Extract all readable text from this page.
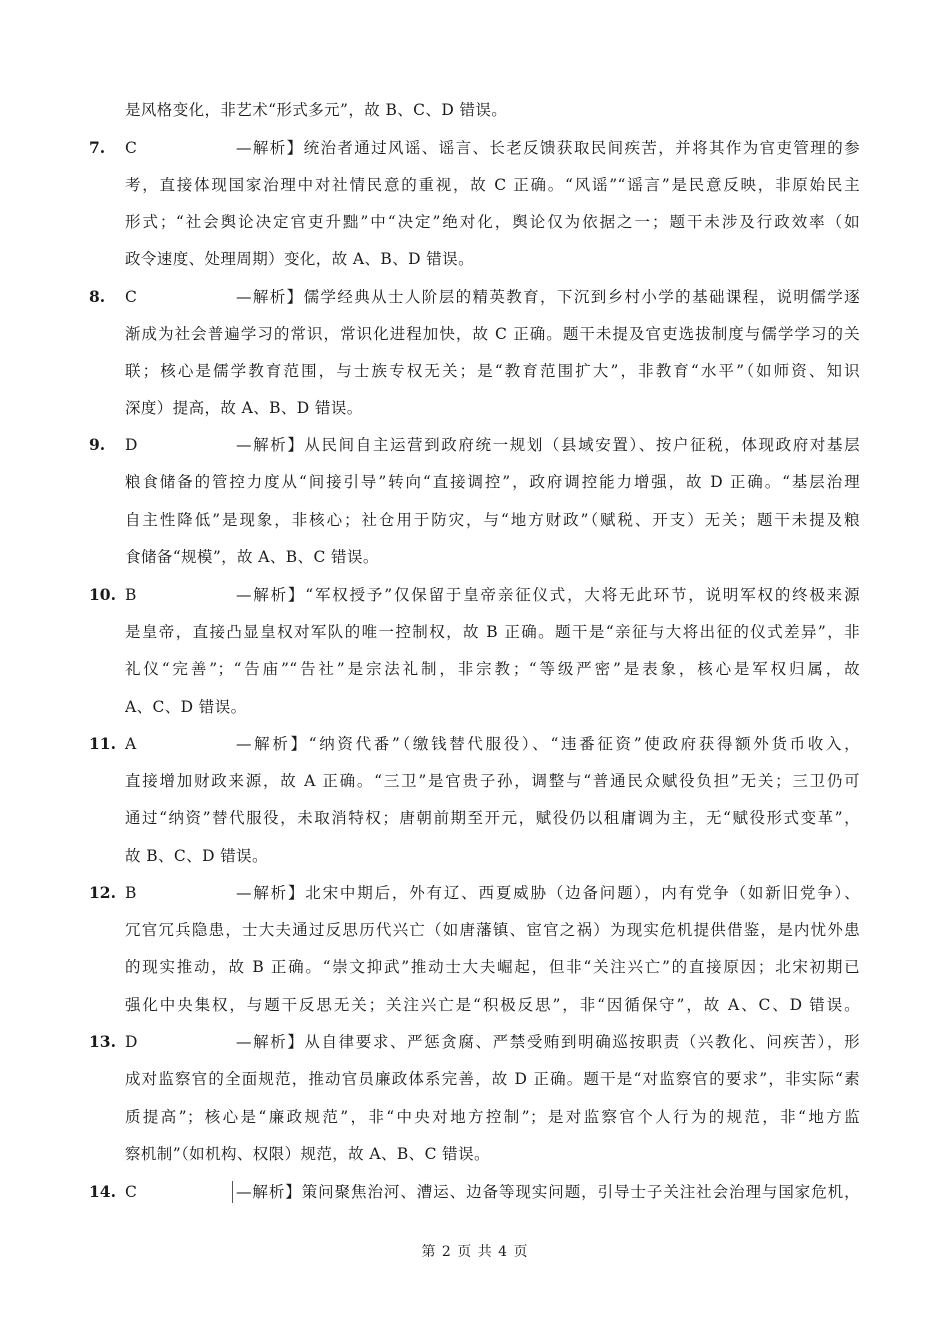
是风格变化，非艺术“形式多元”，故 B、C、D 错误。
7. C	—解析】统治者通过风谣、谣言、长老反馈获取民间疾苦，并将其作为官吏管理的参
考，直接体现国家治理中对社情民意的重视，故 C 正确。“风谣”“谣言”是民意反映，非原始民主
形式；“社会舆论决定官吏升黜”中“决定”绝对化，舆论仅为依据之一；题干未涉及行政效率（如
政令速度、处理周期）变化，故 A、B、D 错误。
8. C	—解析】儒学经典从士人阶层的精英教育，下沉到乡村小学的基础课程，说明儒学逐
渐成为社会普遍学习的常识，常识化进程加快，故 C 正确。题干未提及官吏选拔制度与儒学学习的关
联；核心是儒学教育范围，与士族专权无关；是“教育范围扩大”，非教育“水平”（如师资、知识
深度）提高，故 A、B、D 错误。
9. D	—解析】从民间自主运营到政府统一规划（县域安置）、按户征税，体现政府对基层
粮食储备的管控力度从“间接引导”转向“直接调控”，政府调控能力增强，故 D 正确。“基层治理
自主性降低”是现象，非核心；社仓用于防灾，与“地方财政”（赋税、开支）无关；题干未提及粮
食储备“规模”，故 A、B、C 错误。
10. B	—解析】“军权授予”仅保留于皇帝亲征仪式，大将无此环节，说明军权的终极来源
是皇帝，直接凸显皇权对军队的唯一控制权，故 B 正确。题干是“亲征与大将出征的仪式差异”，非
礼仪“完善”；“告庙”“告社”是宗法礼制，非宗教；“等级严密”是表象，核心是军权归属，故
A、C、D 错误。
11. A	—解析】“纳资代番”（缴钱替代服役）、“违番征资”使政府获得额外货币收入，
直接增加财政来源，故 A 正确。“三卫”是官贵子孙，调整与“普通民众赋役负担”无关；三卫仍可
通过“纳资”替代服役，未取消特权；唐朝前期至开元，赋役仍以租庸调为主，无“赋役形式变革”，
故 B、C、D 错误。
12. B	—解析】北宋中期后，外有辽、西夏威胁（边备问题），内有党争（如新旧党争）、
冗官冗兵隐患，士大夫通过反思历代兴亡（如唐藩镇、宦官之祸）为现实危机提供借鉴，是内忧外患
的现实推动，故 B 正确。“崇文抑武”推动士大夫崛起，但非“关注兴亡”的直接原因；北宋初期已
强化中央集权，与题干反思无关；关注兴亡是“积极反思”，非“因循保守”，故 A、C、D 错误。
13. D	—解析】从自律要求、严惩贪腐、严禁受贿到明确巡按职责（兴教化、问疾苦），形
成对监察官的全面规范，推动官员廉政体系完善，故 D 正确。题干是“对监察官的要求”，非实际“素
质提高”；核心是“廉政规范”，非“中央对地方控制”；是对监察官个人行为的规范，非“地方监
察机制”（如机构、权限）规范，故 A、B、C 错误。
14. C	—解析】策问聚焦治河、漕运、边备等现实问题，引导士子关注社会治理与国家危机，
第 2 页 共 4 页
